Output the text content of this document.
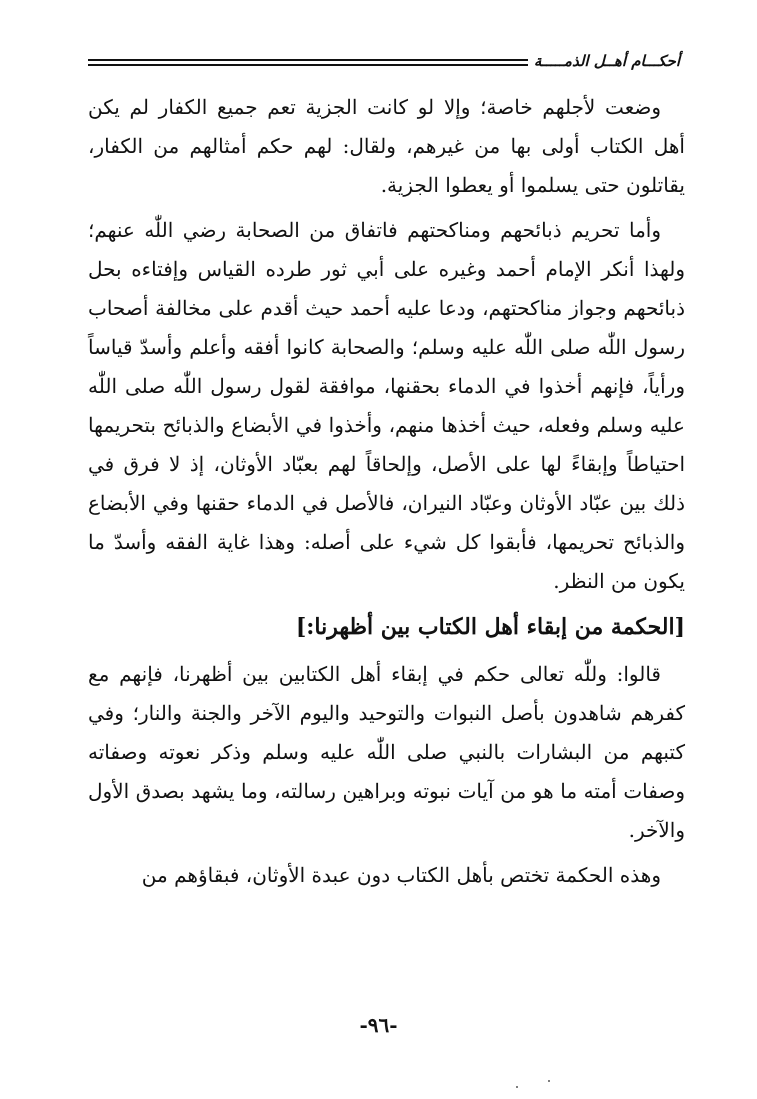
أحكـــام أهــل الذمـــــة

وضعت لأجلهم خاصة؛ وإلا لو كانت الجزية تعم جميع الكفار لم يكن أهل الكتاب أولى بها من غيرهم، ولقال: لهم حكم أمثالهم من الكفار، يقاتلون حتى يسلموا أو يعطوا الجزية.

وأما تحريم ذبائحهم ومناكحتهم فاتفاق من الصحابة رضي اللّٰه عنهم؛ ولهذا أنكر الإمام أحمد وغيره على أبي ثور طرده القياس وإفتاءه بحل ذبائحهم وجواز مناكحتهم، ودعا عليه أحمد حيث أقدم على مخالفة أصحاب رسول اللّٰه صلى اللّٰه عليه وسلم؛ والصحابة كانوا أفقه وأعلم وأسدّ قياساً ورأياً، فإنهم أخذوا في الدماء بحقنها، موافقة لقول رسول اللّٰه صلى اللّٰه عليه وسلم وفعله، حيث أخذها منهم، وأخذوا في الأبضاع والذبائح بتحريمها احتياطاً وإبقاءً لها على الأصل، وإلحاقاً لهم بعبّاد الأوثان، إذ لا فرق في ذلك بين عبّاد الأوثان وعبّاد النيران، فالأصل في الدماء حقنها وفي الأبضاع والذبائح تحريمها، فأبقوا كل شيء على أصله: وهذا غاية الفقه وأسدّ ما يكون من النظر.

[الحكمة من إبقاء أهل الكتاب بين أظهرنا:]

قالوا: وللّٰه تعالى حكم في إبقاء أهل الكتابين بين أظهرنا، فإنهم مع كفرهم شاهدون بأصل النبوات والتوحيد واليوم الآخر والجنة والنار؛ وفي كتبهم من البشارات بالنبي صلى اللّٰه عليه وسلم وذكر نعوته وصفاته وصفات أمته ما هو من آيات نبوته وبراهين رسالته، وما يشهد بصدق الأول والآخر.

وهذه الحكمة تختص بأهل الكتاب دون عبدة الأوثان، فبقاؤهم من

-٩٦-
